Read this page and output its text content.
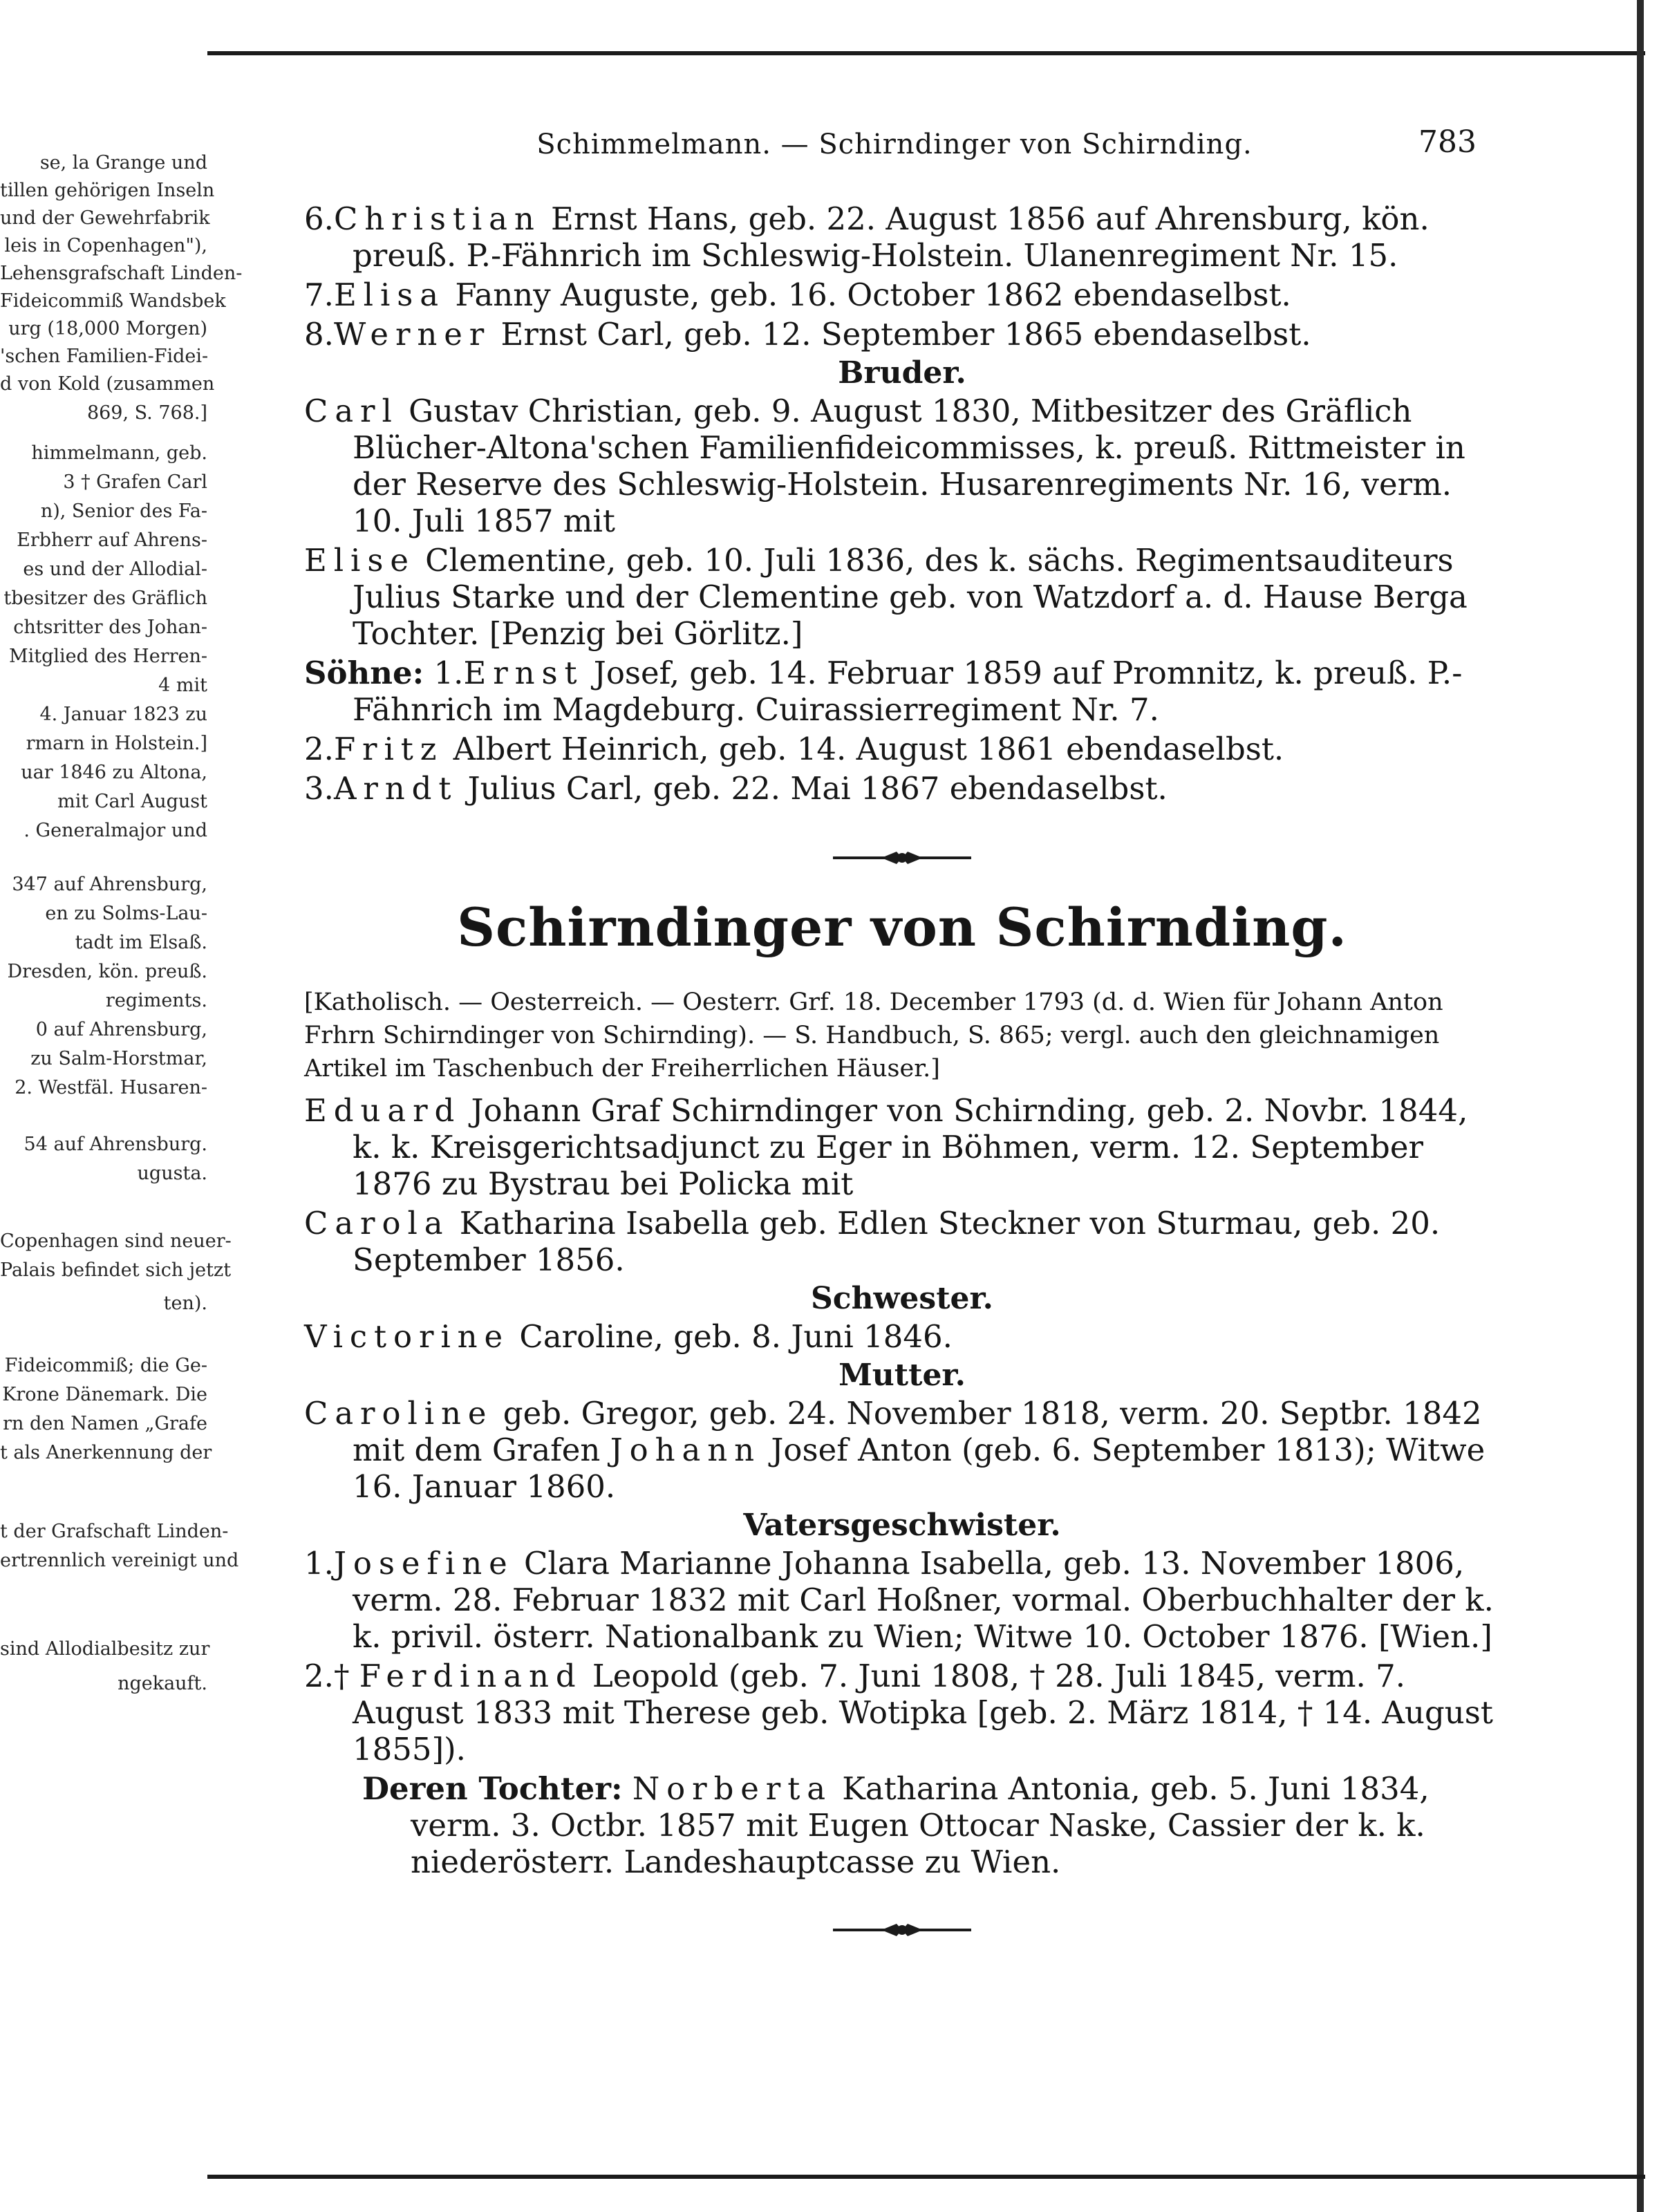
se, la Grange und
tillen gehörigen Inseln
und der Gewehrfabrik
leis in Copenhagen"),
Lehensgrafschaft Linden-
Fideicommiß Wandsbek
urg (18,000 Morgen)
'schen Familien-Fidei-
d von Kold (zusammen
869, S. 768.]
himmelmann, geb.
3 † Grafen Carl
n), Senior des Fa-
Erbherr auf Ahrens-
es und der Allodial-
tbesitzer des Gräflich
chtsritter des Johan-
Mitglied des Herren-
4 mit
4. Januar 1823 zu
rmarn in Holstein.]
uar 1846 zu Altona,
mit Carl August
. Generalmajor und
347 auf Ahrensburg,
en zu Solms-Lau-
tadt im Elsaß.
Dresden, kön. preuß.
regiments.
0 auf Ahrensburg,
zu Salm-Horstmar,
2. Westfäl. Husaren-
54 auf Ahrensburg.
ugusta.
Copenhagen sind neuer-
Palais befindet sich jetzt
ten).
Fideicommiß; die Ge-
Krone Dänemark. Die
rn den Namen „Grafe
t als Anerkennung der
t der Grafschaft Linden-
ertrennlich vereinigt und
sind Allodialbesitz zur
ngekauft.
Schimmelmann. — Schirndinger von Schirnding.	783
6.Christian Ernst Hans, geb. 22. August 1856 auf Ahrensburg, kön. preuß. P.-Fähnrich im Schleswig-Holstein. Ulanenregiment Nr. 15.
7.Elisa Fanny Auguste, geb. 16. October 1862 ebendaselbst.
8.Werner Ernst Carl, geb. 12. September 1865 ebendaselbst.
Bruder.
Carl Gustav Christian, geb. 9. August 1830, Mitbesitzer des Gräflich Blücher-Altona'schen Familienfideicommisses, k. preuß. Rittmeister in der Reserve des Schleswig-Holstein. Husarenregiments Nr. 16, verm. 10. Juli 1857 mit
Elise Clementine, geb. 10. Juli 1836, des k. sächs. Regimentsauditeurs Julius Starke und der Clementine geb. von Watzdorf a. d. Hause Berga Tochter. [Penzig bei Görlitz.]
Söhne: 1.Ernst Josef, geb. 14. Februar 1859 auf Promnitz, k. preuß. P.-Fähnrich im Magdeburg. Cuirassierregiment Nr. 7.
2.Fritz Albert Heinrich, geb. 14. August 1861 ebendaselbst.
3.Arndt Julius Carl, geb. 22. Mai 1867 ebendaselbst.
Schirndinger von Schirnding.
[Katholisch. — Oesterreich. — Oesterr. Grf. 18. December 1793 (d. d. Wien für Johann Anton Frhrn Schirndinger von Schirnding). — S. Handbuch, S. 865; vergl. auch den gleichnamigen Artikel im Taschenbuch der Freiherrlichen Häuser.]
Eduard Johann Graf Schirndinger von Schirnding, geb. 2. Novbr. 1844, k. k. Kreisgerichtsadjunct zu Eger in Böhmen, verm. 12. September 1876 zu Bystrau bei Policka mit
Carola Katharina Isabella geb. Edlen Steckner von Sturmau, geb. 20. September 1856.
Schwester.
Victorine Caroline, geb. 8. Juni 1846.
Mutter.
Caroline geb. Gregor, geb. 24. November 1818, verm. 20. Septbr. 1842 mit dem Grafen Johann Josef Anton (geb. 6. September 1813); Witwe 16. Januar 1860.
Vatersgeschwister.
1.Josefine Clara Marianne Johanna Isabella, geb. 13. November 1806, verm. 28. Februar 1832 mit Carl Hoßner, vormal. Oberbuchhalter der k. k. privil. österr. Nationalbank zu Wien; Witwe 10. October 1876. [Wien.]
2.† Ferdinand Leopold (geb. 7. Juni 1808, † 28. Juli 1845, verm. 7. August 1833 mit Therese geb. Wotipka [geb. 2. März 1814, † 14. August 1855]).
Deren Tochter: Norberta Katharina Antonia, geb. 5. Juni 1834, verm. 3. Octbr. 1857 mit Eugen Ottocar Naske, Cassier der k. k. niederösterr. Landeshauptcasse zu Wien.
